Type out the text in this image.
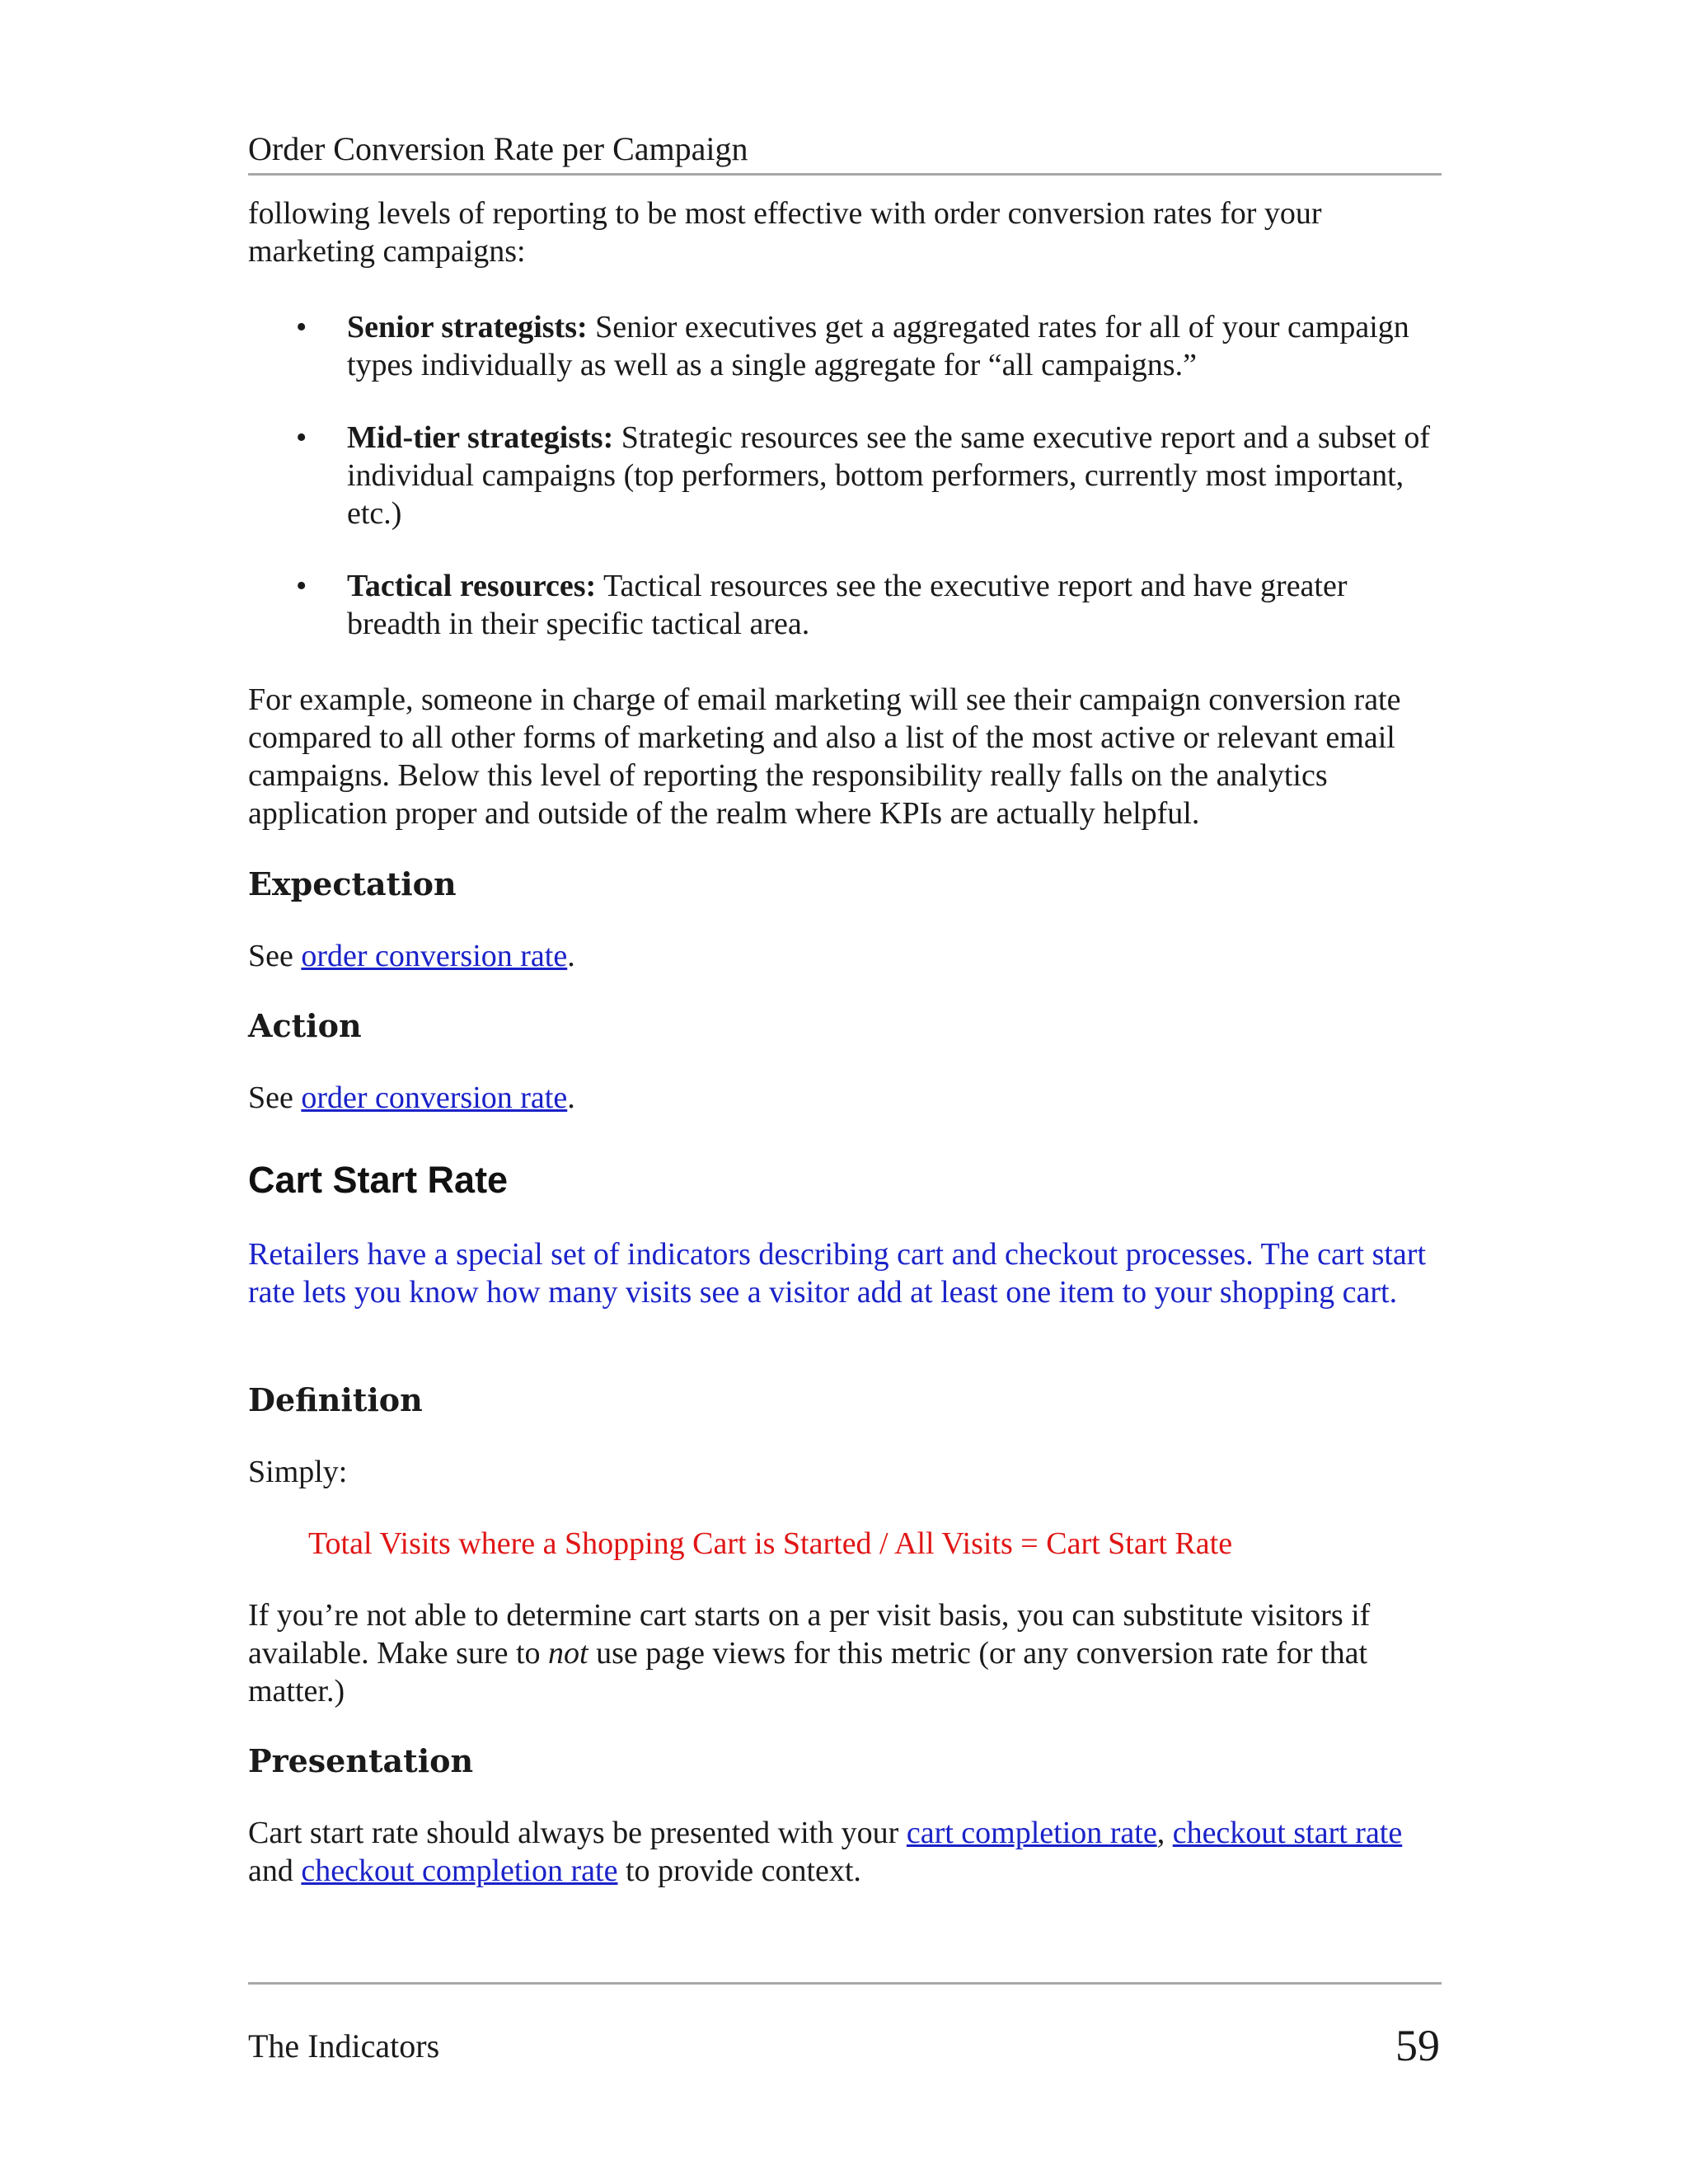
Order Conversion Rate per Campaign

following levels of reporting to be most effective with order conversion rates for your marketing campaigns:

• Senior strategists: Senior executives get a aggregated rates for all of your campaign types individually as well as a single aggregate for “all campaigns.”
• Mid-tier strategists: Strategic resources see the same executive report and a subset of individual campaigns (top performers, bottom performers, currently most important, etc.)
• Tactical resources: Tactical resources see the executive report and have greater breadth in their specific tactical area.

For example, someone in charge of email marketing will see their campaign conversion rate compared to all other forms of marketing and also a list of the most active or relevant email campaigns. Below this level of reporting the responsibility really falls on the analytics application proper and outside of the realm where KPIs are actually helpful.

Expectation

See order conversion rate.

Action

See order conversion rate.

Cart Start Rate

Retailers have a special set of indicators describing cart and checkout processes. The cart start rate lets you know how many visits see a visitor add at least one item to your shopping cart.

Definition

Simply:

Total Visits where a Shopping Cart is Started / All Visits = Cart Start Rate

If you’re not able to determine cart starts on a per visit basis, you can substitute visitors if available. Make sure to not use page views for this metric (or any conversion rate for that matter.)

Presentation

Cart start rate should always be presented with your cart completion rate, checkout start rate and checkout completion rate to provide context.

The Indicators	59
